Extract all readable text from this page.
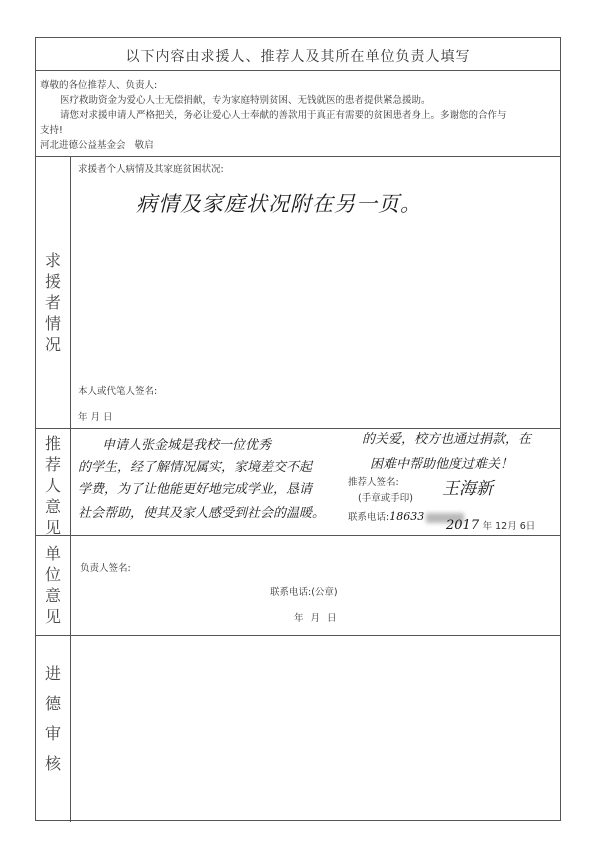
以下内容由求援人、推荐人及其所在单位负责人填写
尊敬的各位推荐人、负责人:
医疗救助资金为爱心人士无偿捐献，专为家庭特别贫困、无钱就医的患者提供紧急援助。
请您对求援申请人严格把关，务必让爱心人士奉献的善款用于真正有需要的贫困患者身上。多谢您的合作与
支持!
河北进德公益基金会 敬启
求
援
者
情
况
求援者个人病情及其家庭贫困状况:
病情及家庭状况附在另一页。
本人或代笔人签名:
年 月 日
推
荐
人
意
见
申请人张金城是我校一位优秀
的学生，经了解情况属实，家境差交不起
学费，为了让他能更好地完成学业，恳请
社会帮助，使其及家人感受到社会的温暖。
的关爱，校方也通过捐款，在
困难中帮助他度过难关！
推荐人签名:
(手章或手印)
联系电话:18633
王海新
2017 年 12月 6日
单
位
意
见
负责人签名:
联系电话:(公章)
年 月 日
进
德
审
核
